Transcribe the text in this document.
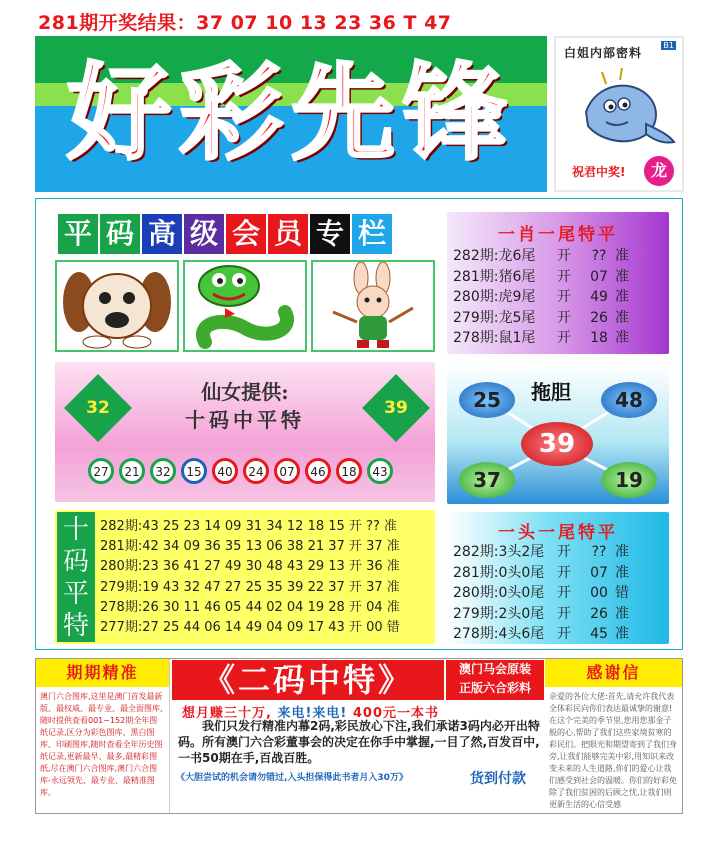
281期开奖结果：37 07 10 13 23 36 T 47
好彩先锋	白姐内部密料
B1
祝君中奖!	龙
平 码 高 级 会 员 专 栏	一肖一尾特平
282期:龙6尾 开 ?? 准
281期:猪6尾 开 07 准
280期:虎9尾 开 49 准
279期:龙5尾 开 26 准
278期:鼠1尾 开 18 准
32	39
仙女提供:
十码中平特
27	21	32	15	40	24	07	46	18	43
拖胆
25	48
39
37	19
十
码
平
特
282期:43 25 23 14 09 31 34 12 18 15 开 ?? 准
281期:42 34 09 36 35 13 06 38 21 37 开 37 准
280期:23 36 41 27 49 30 48 43 29 13 开 36 准
279期:19 43 32 47 27 25 35 39 22 37 开 37 准
278期:26 30 11 46 05 44 02 04 19 28 开 04 准
277期:27 25 44 06 14 49 04 09 17 43 开 00 错
一头一尾特平
282期:3头2尾 开 ?? 准
281期:0头0尾 开 07 准
280期:0头0尾 开 00 错
279期:2头0尾 开 26 准
278期:4头6尾 开 45 准
期期精准
澳门六合图库,这里是澳门首发最新版、最权威、最专业、最全面图库,随时提供查看001~152期全年图纸记录,区分为彩色图库、黑白图库、印刷图库,随时查看全年历史图纸记录,更新最早、最多,最精彩图纸,尽在澳门六合图库,澳门六合图库-永远领先、最专业、最精准图库。
《二码中特》	澳门马会原装
正版六合彩料
想月赚三十万, 来电!来电! 400元一本书
我们只发行精准内幕2码,彩民放心下注,我们承诺3码内必开出特码。所有澳门六合彩董事会的决定在你手中掌握,一目了然,百发百中,一书50期在手,百战百胜。
《大胆尝试的机会请勿错过,入头担保得此书者月入30万》	货到付款
感谢信
亲爱的各位大佬:首先,请允许我代表全体彩民向你们表达最诚挚的谢意!在这个完美的季节里,您用您那金子般的心,帮助了我们这些家境贫寒的彩民们。把眼光和期望寄到了我们身旁,让我们能够完美中彩,用知识来改变未来的人生道路,你们的爱心让我们感受到社会的温暖。你们的好彩免除了我们贫困的后顾之忧,让我们则更新生活的心信受感
